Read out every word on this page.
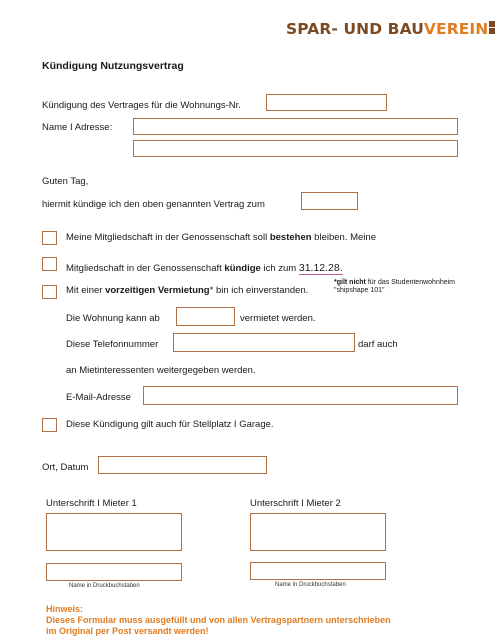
SPAR- UND BAUVEREIN
Kündigung Nutzungsvertrag
Kündigung des Vertrages für die Wohnungs-Nr.
Name I Adresse:
Guten Tag,
hiermit kündige ich den oben genannten Vertrag zum
Meine Mitgliedschaft in der Genossenschaft soll bestehen bleiben. Meine
Mitgliedschaft in der Genossenschaft kündige ich zum 31.12.28.
*gilt nicht für das Studentenwohnheim
"shipshape 101"
Mit einer vorzeitigen Vermietung* bin ich einverstanden.
Die Wohnung kann ab	vermietet werden.
Diese Telefonnummer	darf auch
an Mietinteressenten weitergegeben werden.
E-Mail-Adresse
Diese Kündigung gilt auch für Stellplatz I Garage.
Ort, Datum
Unterschrift I Mieter 1
Name in Druckbuchstaben
Unterschrift I Mieter 2
Name in Druckbuchstaben
Hinweis:
Dieses Formular muss ausgefüllt und von allen Vertragspartnern unterschrieben
im Original per Post versandt werden!
